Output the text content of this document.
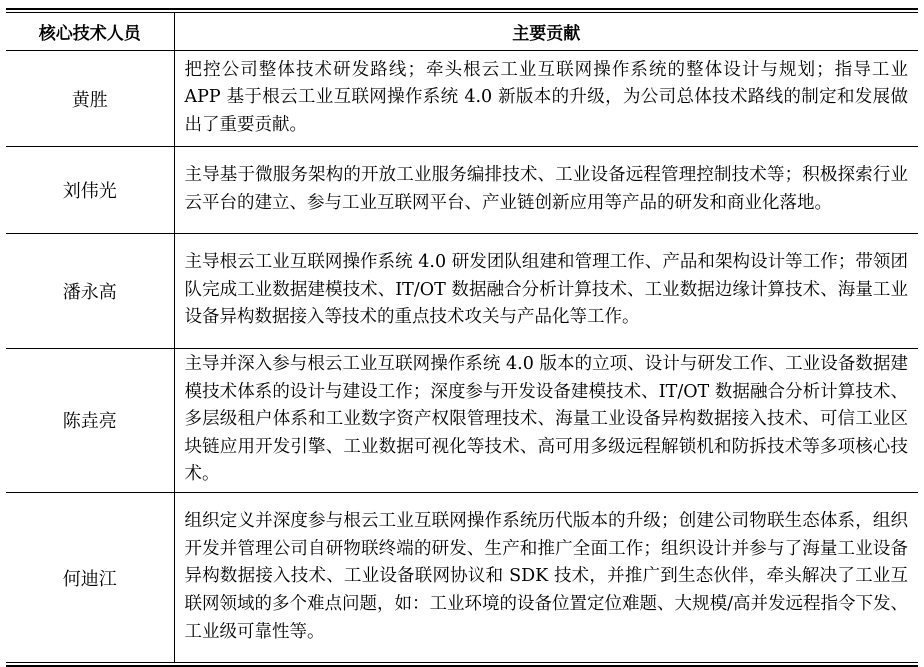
核心技术人员	主要贡献
黄胜	把控公司整体技术研发路线；牵头根云工业互联网操作系统的整体设计与规划；指导工业 APP 基于根云工业互联网操作系统 4.0 新版本的升级，为公司总体技术路线的制定和发展做出了重要贡献。
刘伟光	主导基于微服务架构的开放工业服务编排技术、工业设备远程管理控制技术等；积极探索行业云平台的建立、参与工业互联网平台、产业链创新应用等产品的研发和商业化落地。
潘永高	主导根云工业互联网操作系统 4.0 研发团队组建和管理工作、产品和架构设计等工作；带领团队完成工业数据建模技术、IT/OT 数据融合分析计算技术、工业数据边缘计算技术、海量工业设备异构数据接入等技术的重点技术攻关与产品化等工作。
陈垚亮	主导并深入参与根云工业互联网操作系统 4.0 版本的立项、设计与研发工作、工业设备数据建模技术体系的设计与建设工作；深度参与开发设备建模技术、IT/OT 数据融合分析计算技术、多层级租户体系和工业数字资产权限管理技术、海量工业设备异构数据接入技术、可信工业区块链应用开发引擎、工业数据可视化等技术、高可用多级远程解锁机和防拆技术等多项核心技术。
何迪江	组织定义并深度参与根云工业互联网操作系统历代版本的升级；创建公司物联生态体系，组织开发并管理公司自研物联终端的研发、生产和推广全面工作；组织设计并参与了海量工业设备异构数据接入技术、工业设备联网协议和 SDK 技术，并推广到生态伙伴，牵头解决了工业互联网领域的多个难点问题，如：工业环境的设备位置定位难题、大规模/高并发远程指令下发、工业级可靠性等。
